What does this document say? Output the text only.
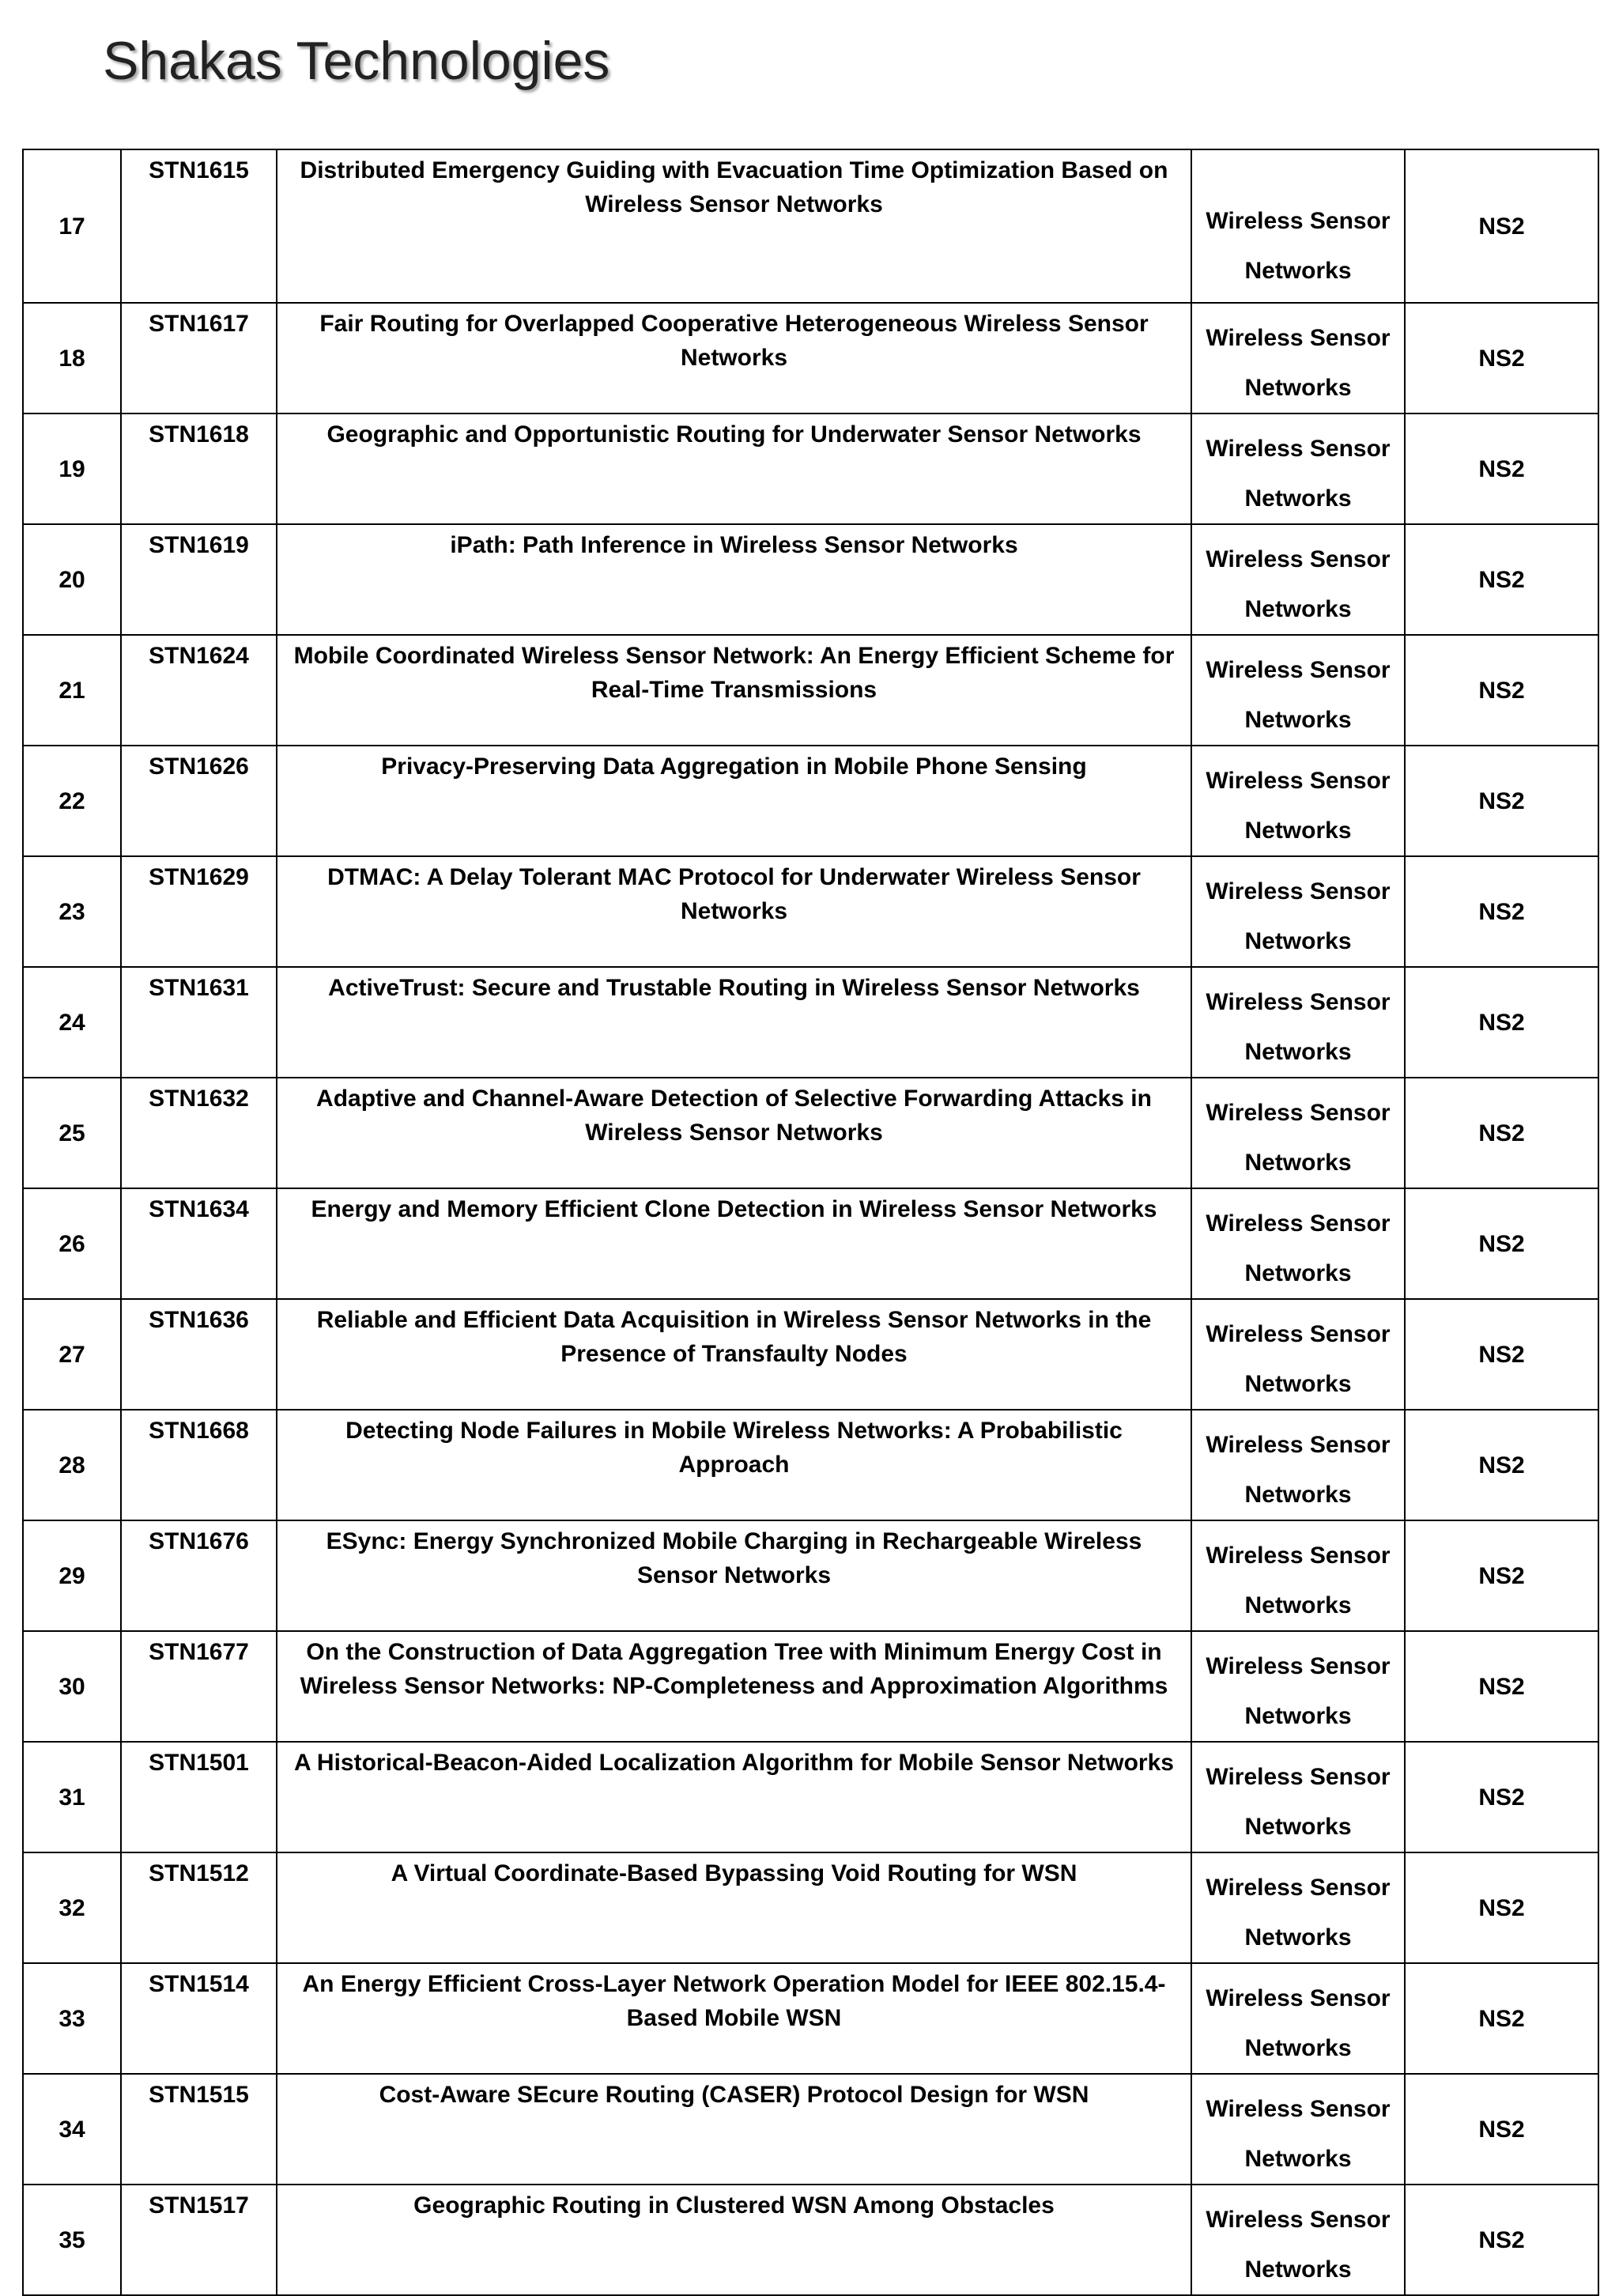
Shakas Technologies
17	STN1615	Distributed Emergency Guiding with Evacuation Time Optimization Based on Wireless Sensor Networks	Wireless Sensor Networks	NS2
18	STN1617	Fair Routing for Overlapped Cooperative Heterogeneous Wireless Sensor Networks	Wireless Sensor Networks	NS2
19	STN1618	Geographic and Opportunistic Routing for Underwater Sensor Networks	Wireless Sensor Networks	NS2
20	STN1619	iPath: Path Inference in Wireless Sensor Networks	Wireless Sensor Networks	NS2
21	STN1624	Mobile Coordinated Wireless Sensor Network: An Energy Efficient Scheme for Real-Time Transmissions	Wireless Sensor Networks	NS2
22	STN1626	Privacy-Preserving Data Aggregation in Mobile Phone Sensing	Wireless Sensor Networks	NS2
23	STN1629	DTMAC: A Delay Tolerant MAC Protocol for Underwater Wireless Sensor Networks	Wireless Sensor Networks	NS2
24	STN1631	ActiveTrust: Secure and Trustable Routing in Wireless Sensor Networks	Wireless Sensor Networks	NS2
25	STN1632	Adaptive and Channel-Aware Detection of Selective Forwarding Attacks in Wireless Sensor Networks	Wireless Sensor Networks	NS2
26	STN1634	Energy and Memory Efficient Clone Detection in Wireless Sensor Networks	Wireless Sensor Networks	NS2
27	STN1636	Reliable and Efficient Data Acquisition in Wireless Sensor Networks in the Presence of Transfaulty Nodes	Wireless Sensor Networks	NS2
28	STN1668	Detecting Node Failures in Mobile Wireless Networks: A Probabilistic Approach	Wireless Sensor Networks	NS2
29	STN1676	ESync: Energy Synchronized Mobile Charging in Rechargeable Wireless Sensor Networks	Wireless Sensor Networks	NS2
30	STN1677	On the Construction of Data Aggregation Tree with Minimum Energy Cost in Wireless Sensor Networks: NP-Completeness and Approximation Algorithms	Wireless Sensor Networks	NS2
31	STN1501	A Historical-Beacon-Aided Localization Algorithm for Mobile Sensor Networks	Wireless Sensor Networks	NS2
32	STN1512	A Virtual Coordinate-Based Bypassing Void Routing for WSN	Wireless Sensor Networks	NS2
33	STN1514	An Energy Efficient Cross-Layer Network Operation Model for IEEE 802.15.4-Based Mobile WSN	Wireless Sensor Networks	NS2
34	STN1515	Cost-Aware SEcure Routing (CASER) Protocol Design for WSN	Wireless Sensor Networks	NS2
35	STN1517	Geographic Routing in Clustered WSN Among Obstacles	Wireless Sensor Networks	NS2
